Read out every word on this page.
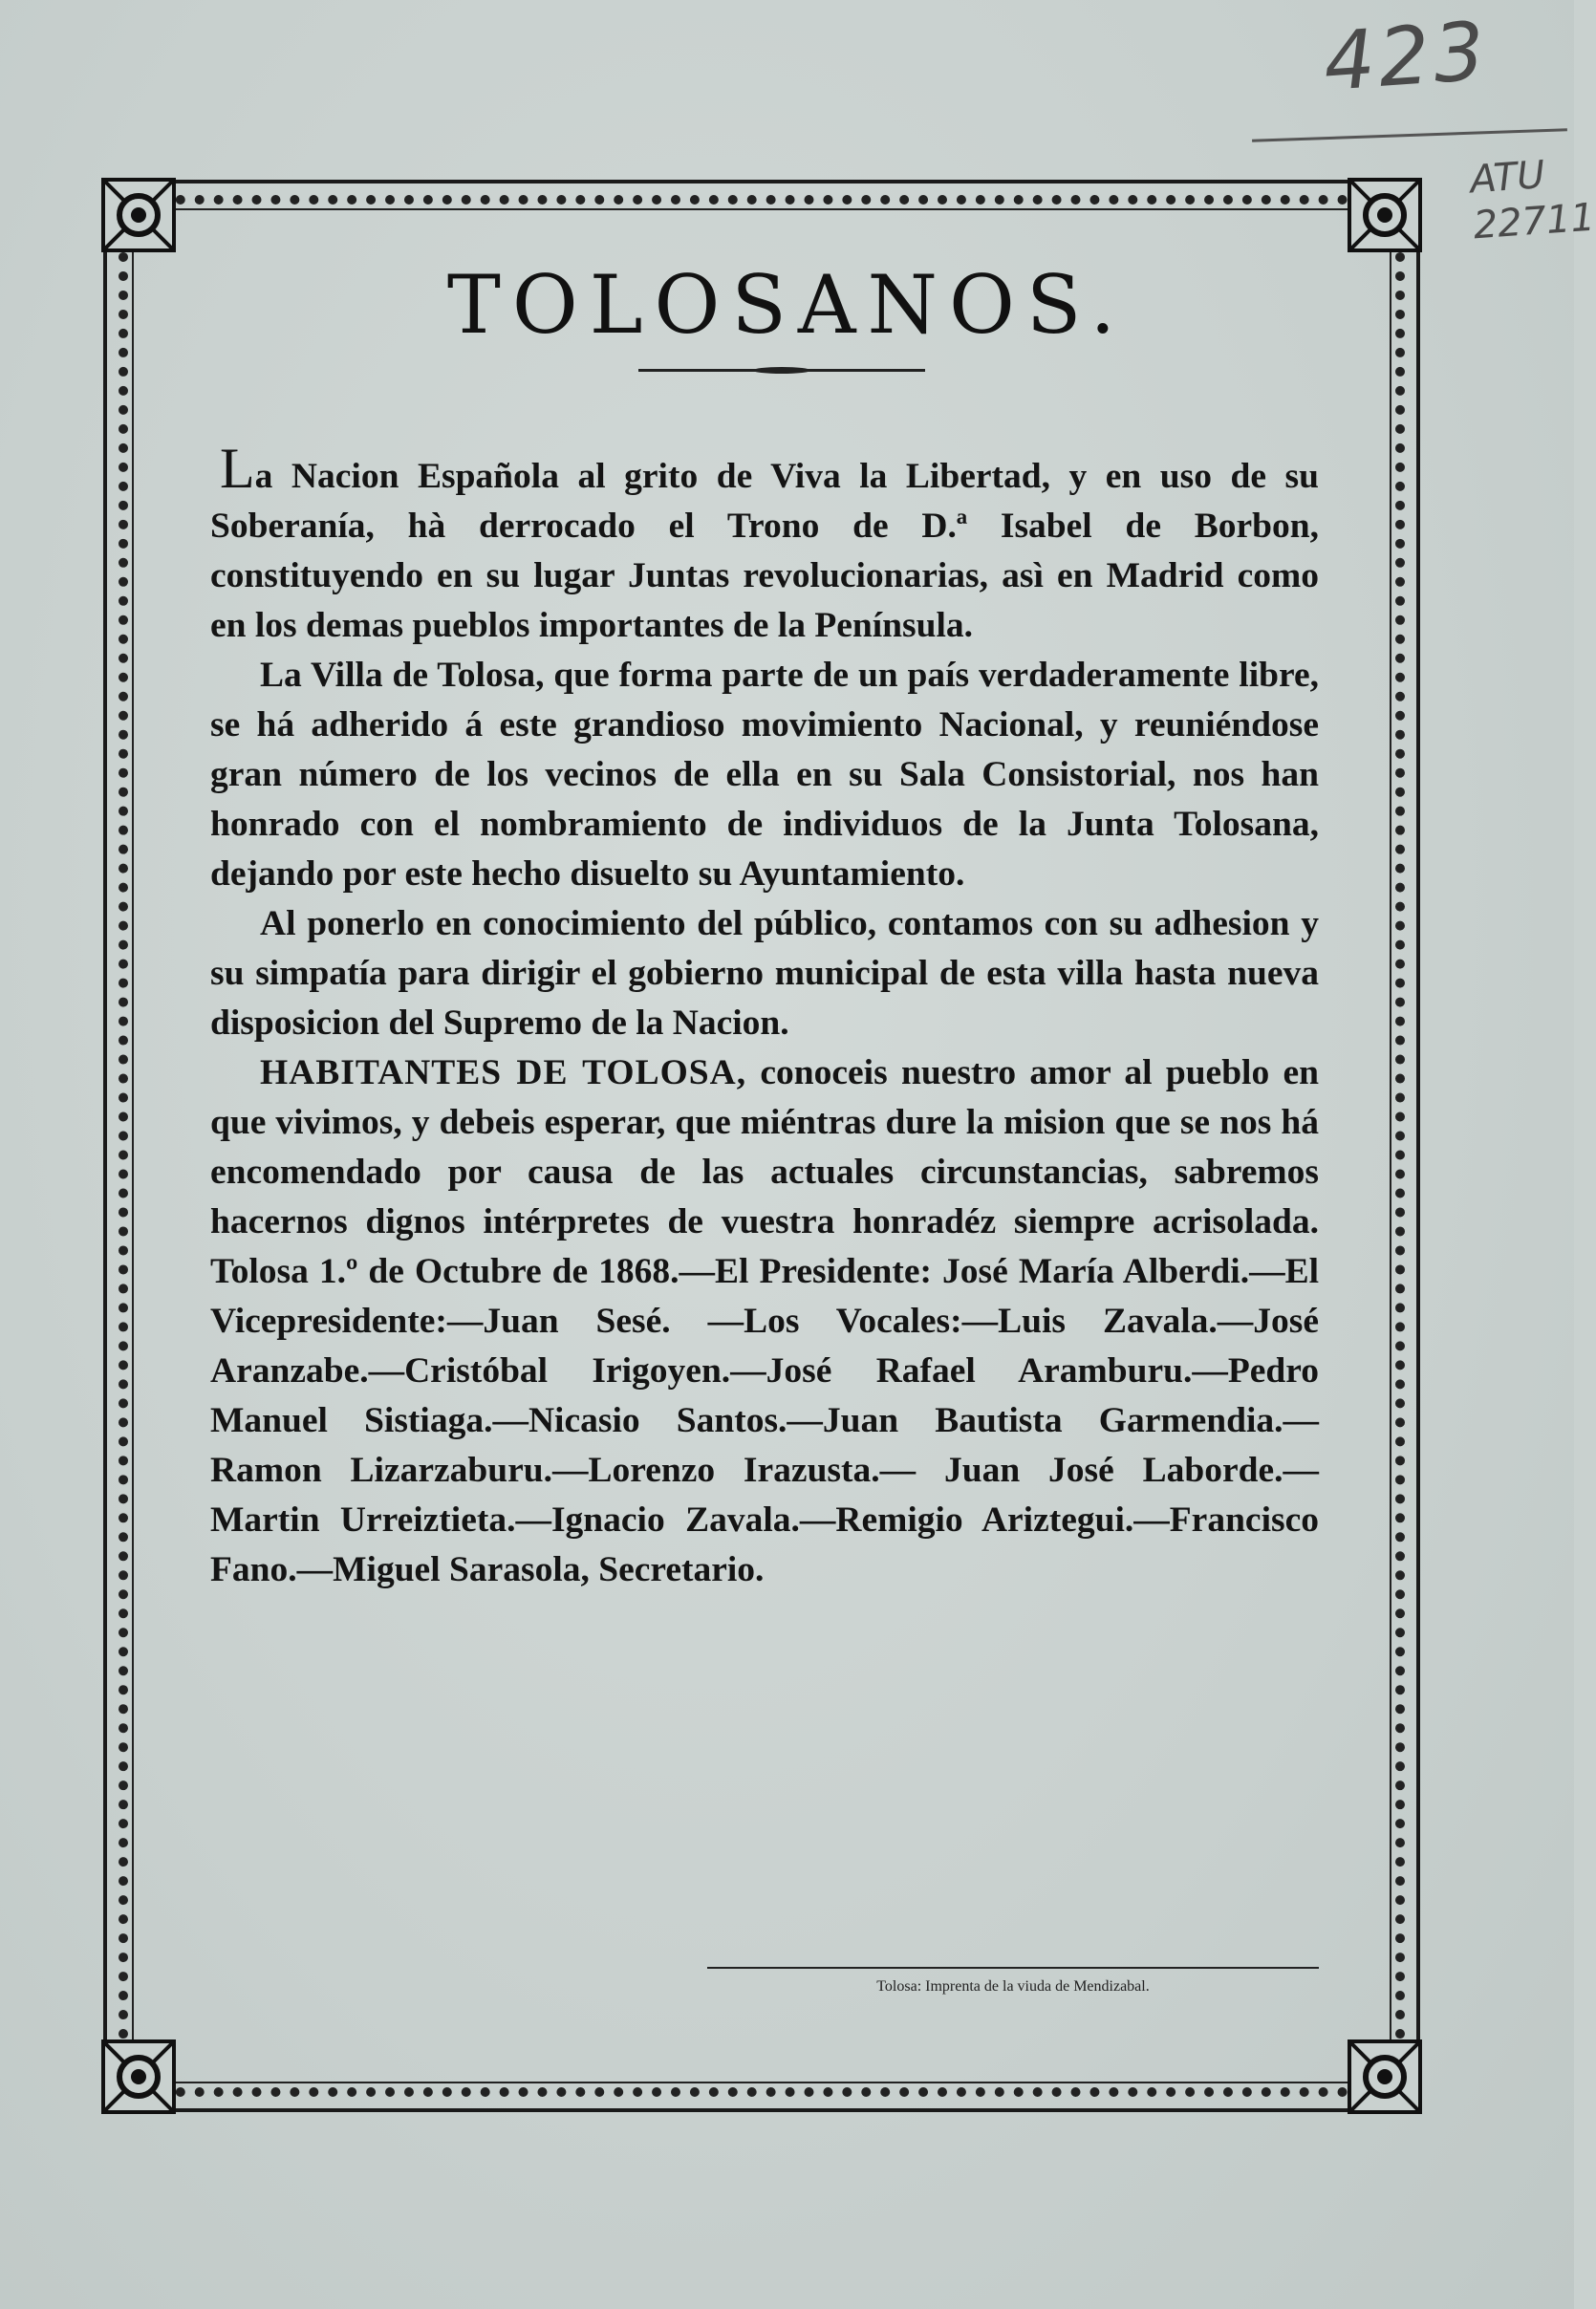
423
ATU 22711
TOLOSANOS.

La Nacion Española al grito de Viva la Libertad, y en uso de su Soberanía, hà derrocado el Trono de D.ª Isabel de Borbon, constituyendo en su lugar Juntas revolucionarias, asì en Madrid como en los demas pueblos importantes de la Península.

La Villa de Tolosa, que forma parte de un país verdaderamente libre, se há adherido á este grandioso movimiento Nacional, y reuniéndose gran número de los vecinos de ella en su Sala Consistorial, nos han honrado con el nombramiento de individuos de la Junta Tolosana, dejando por este hecho disuelto su Ayuntamiento.

Al ponerlo en conocimiento del público, contamos con su adhesion y su simpatía para dirigir el gobierno municipal de esta villa hasta nueva disposicion del Supremo de la Nacion.

HABITANTES DE TOLOSA, conoceis nuestro amor al pueblo en que vivimos, y debeis esperar, que miéntras dure la mision que se nos há encomendado por causa de las actuales circunstancias, sabremos hacernos dignos intérpretes de vuestra honradéz siempre acrisolada. Tolosa 1.º de Octubre de 1868.—El Presidente: José María Alberdi.—El Vicepresidente:—Juan Sesé. —Los Vocales:—Luis Zavala.—José Aranzabe.—Cristóbal Irigoyen.—José Rafael Aramburu.—Pedro Manuel Sistiaga.—Nicasio Santos.—Juan Bautista Garmendia.—Ramon Lizarzaburu.—Lorenzo Irazusta.— Juan José Laborde.—Martin Urreiztieta.—Ignacio Zavala.—Remigio Ariztegui.—Francisco Fano.—Miguel Sarasola, Secretario.

Tolosa: Imprenta de la viuda de Mendizabal.
